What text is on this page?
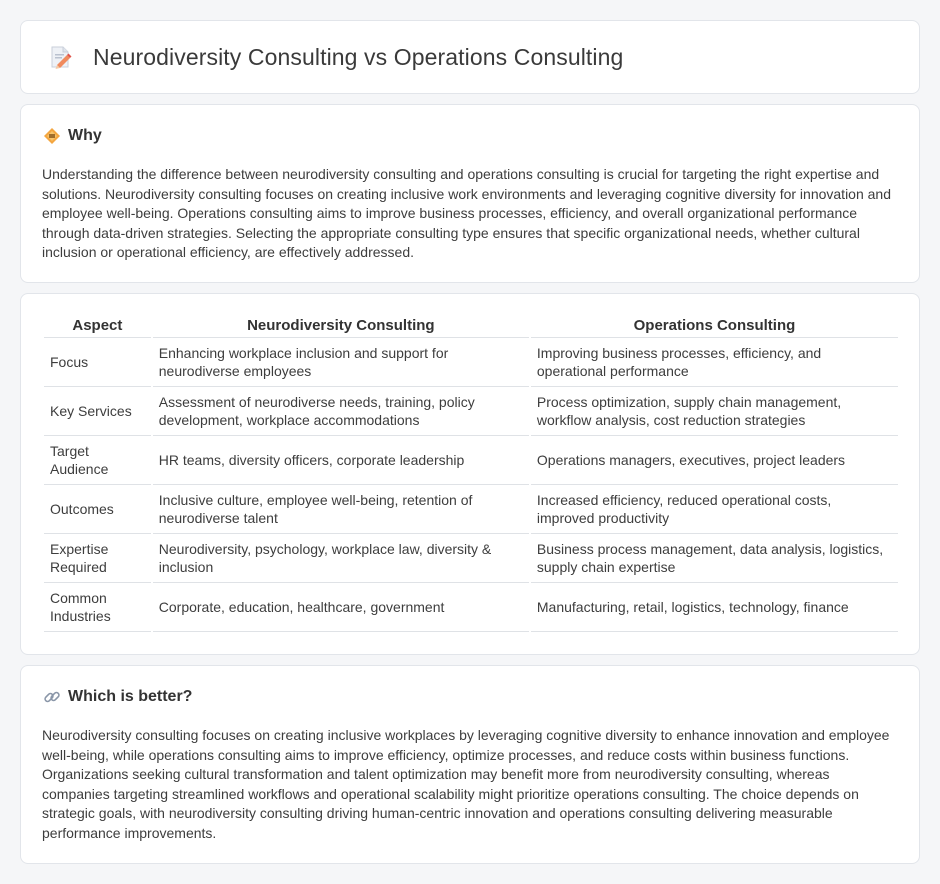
Neurodiversity Consulting vs Operations Consulting
Why

Understanding the difference between neurodiversity consulting and operations consulting is crucial for targeting the right expertise and solutions. Neurodiversity consulting focuses on creating inclusive work environments and leveraging cognitive diversity for innovation and employee well-being. Operations consulting aims to improve business processes, efficiency, and overall organizational performance through data-driven strategies. Selecting the appropriate consulting type ensures that specific organizational needs, whether cultural inclusion or operational efficiency, are effectively addressed.

Aspect	Neurodiversity Consulting	Operations Consulting
Focus	Enhancing workplace inclusion and support for neurodiverse employees	Improving business processes, efficiency, and operational performance
Key Services	Assessment of neurodiverse needs, training, policy development, workplace accommodations	Process optimization, supply chain management, workflow analysis, cost reduction strategies
Target Audience	HR teams, diversity officers, corporate leadership	Operations managers, executives, project leaders
Outcomes	Inclusive culture, employee well-being, retention of neurodiverse talent	Increased efficiency, reduced operational costs, improved productivity
Expertise Required	Neurodiversity, psychology, workplace law, diversity & inclusion	Business process management, data analysis, logistics, supply chain expertise
Common Industries	Corporate, education, healthcare, government	Manufacturing, retail, logistics, technology, finance
Which is better?

Neurodiversity consulting focuses on creating inclusive workplaces by leveraging cognitive diversity to enhance innovation and employee well-being, while operations consulting aims to improve efficiency, optimize processes, and reduce costs within business functions. Organizations seeking cultural transformation and talent optimization may benefit more from neurodiversity consulting, whereas companies targeting streamlined workflows and operational scalability might prioritize operations consulting. The choice depends on strategic goals, with neurodiversity consulting driving human-centric innovation and operations consulting delivering measurable performance improvements.
